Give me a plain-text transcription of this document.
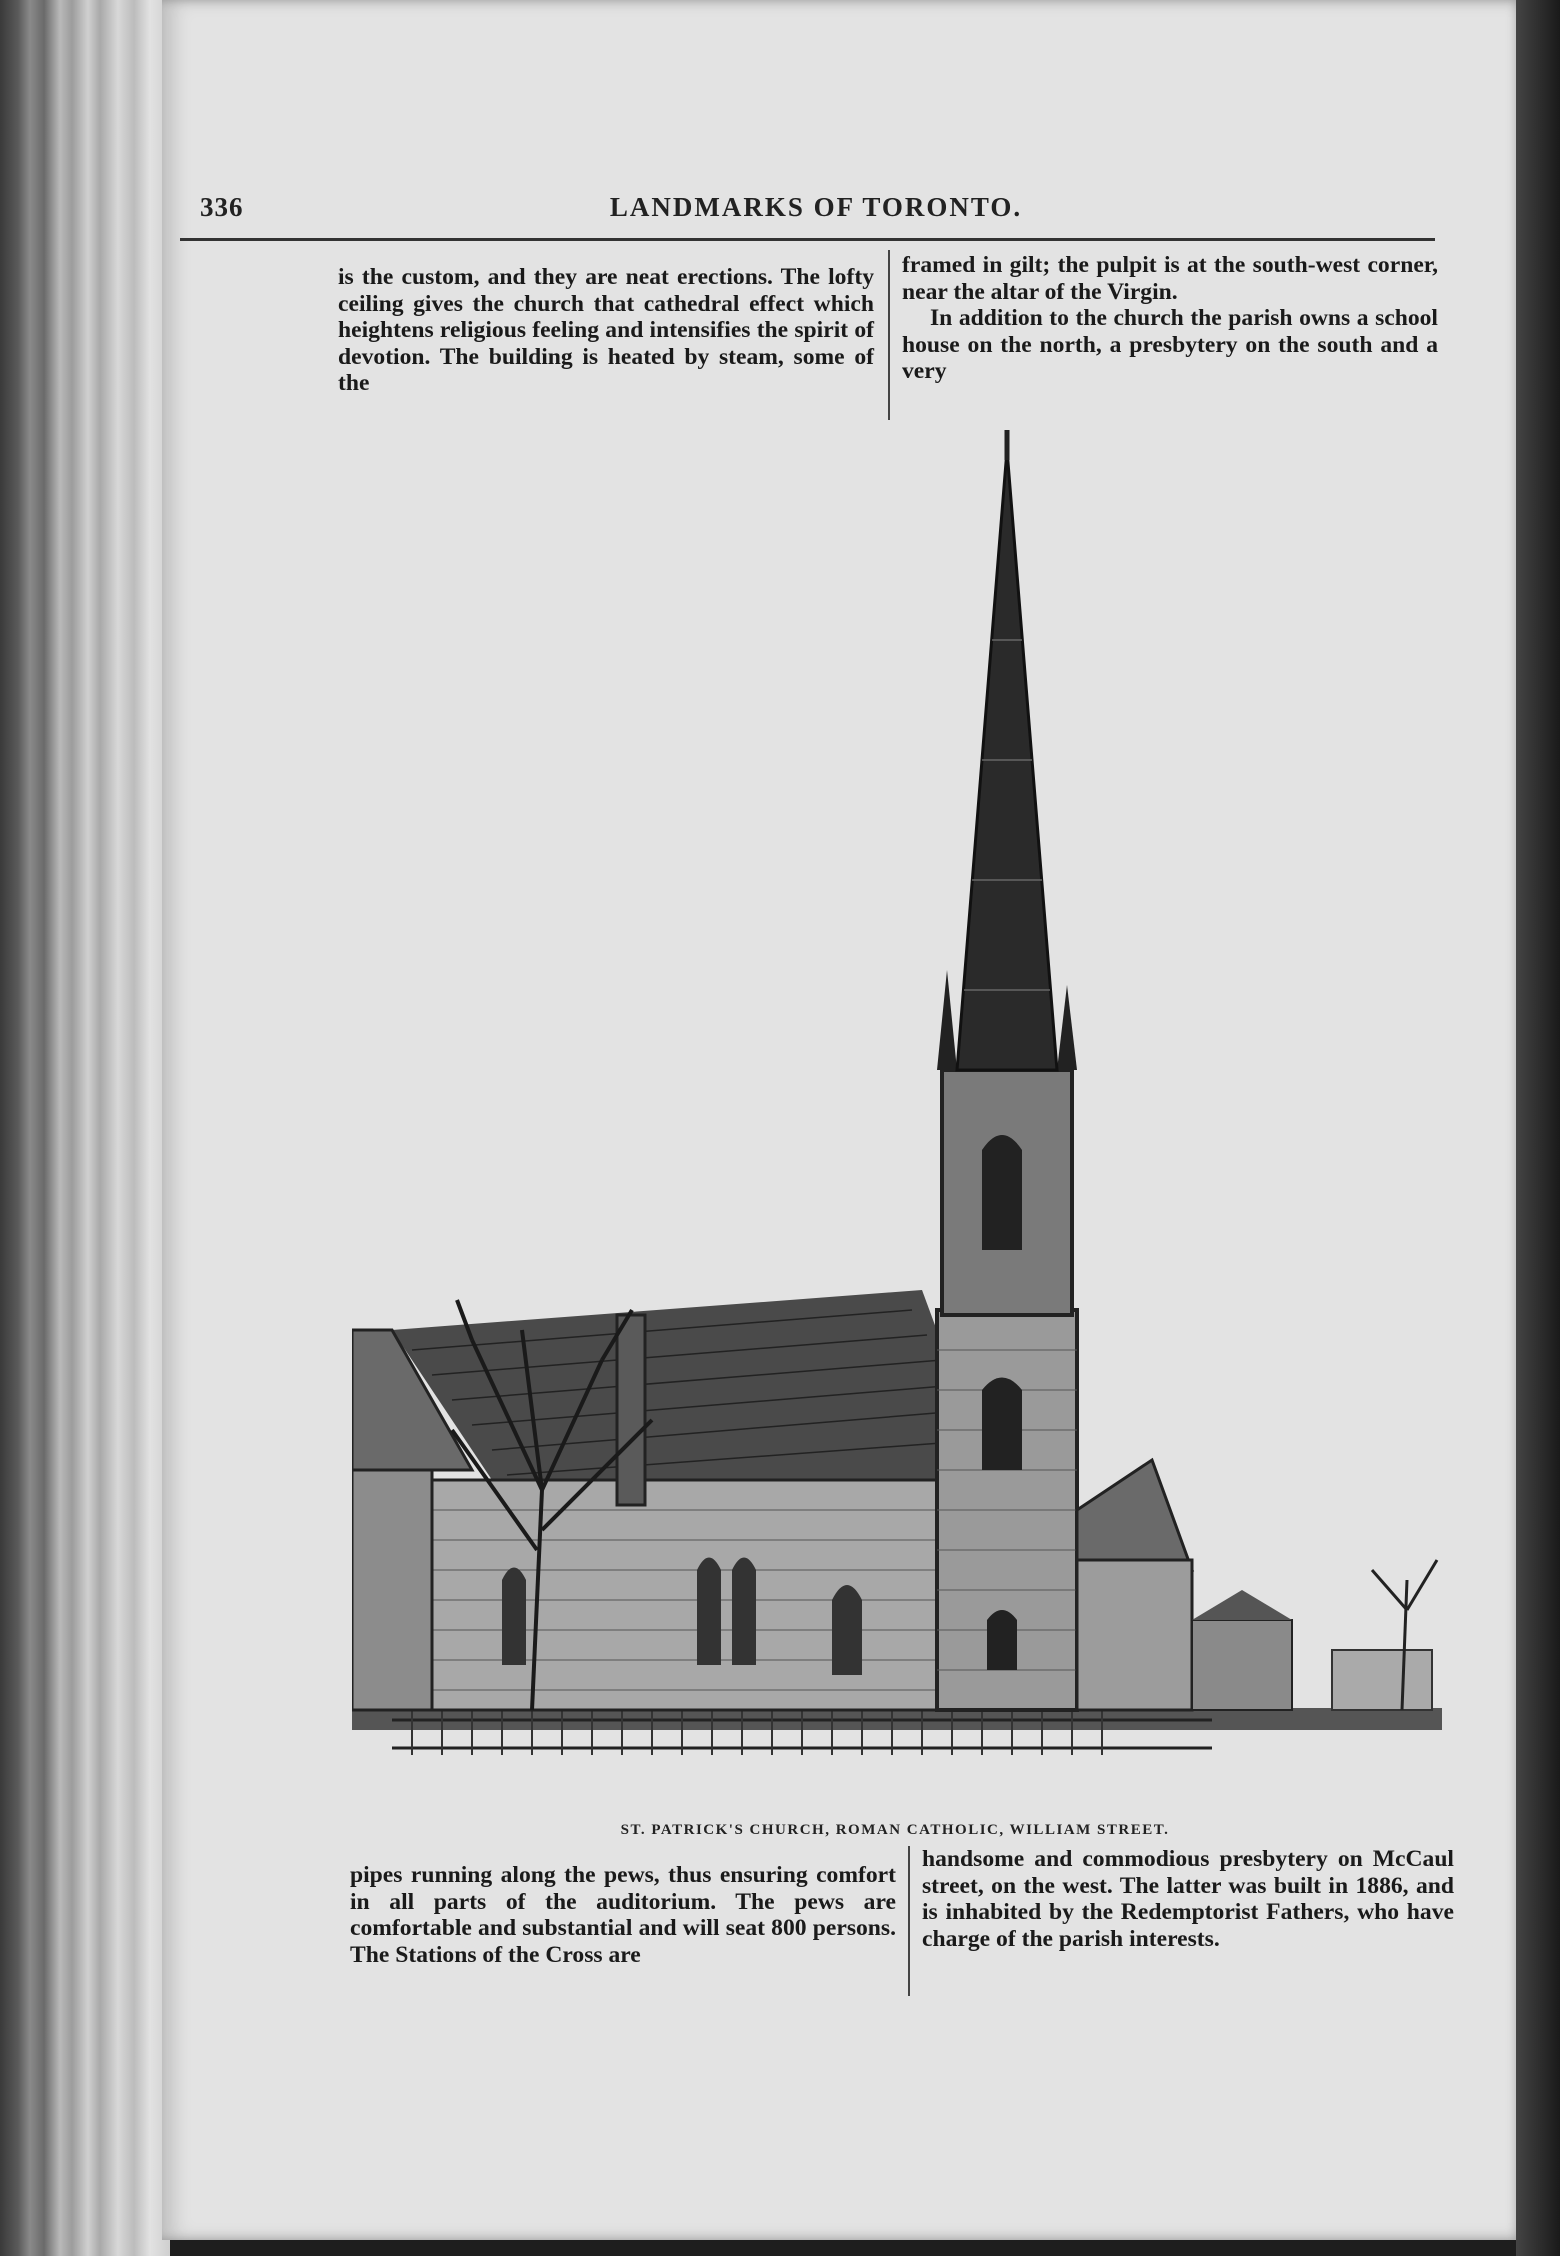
336	LANDMARKS OF TORONTO.

is the custom, and they are neat erections. The lofty ceiling gives the church that cathedral effect which heightens religious feeling and intensifies the spirit of devotion. The building is heated by steam, some of the

framed in gilt; the pulpit is at the south-west corner, near the altar of the Virgin.

In addition to the church the parish owns a school house on the north, a presbytery on the south and a very

ST. PATRICK'S CHURCH, ROMAN CATHOLIC, WILLIAM STREET.

pipes running along the pews, thus ensuring comfort in all parts of the auditorium. The pews are comfortable and substantial and will seat 800 persons. The Stations of the Cross are

handsome and commodious presbytery on McCaul street, on the west. The latter was built in 1886, and is inhabited by the Redemptorist Fathers, who have charge of the parish interests.
